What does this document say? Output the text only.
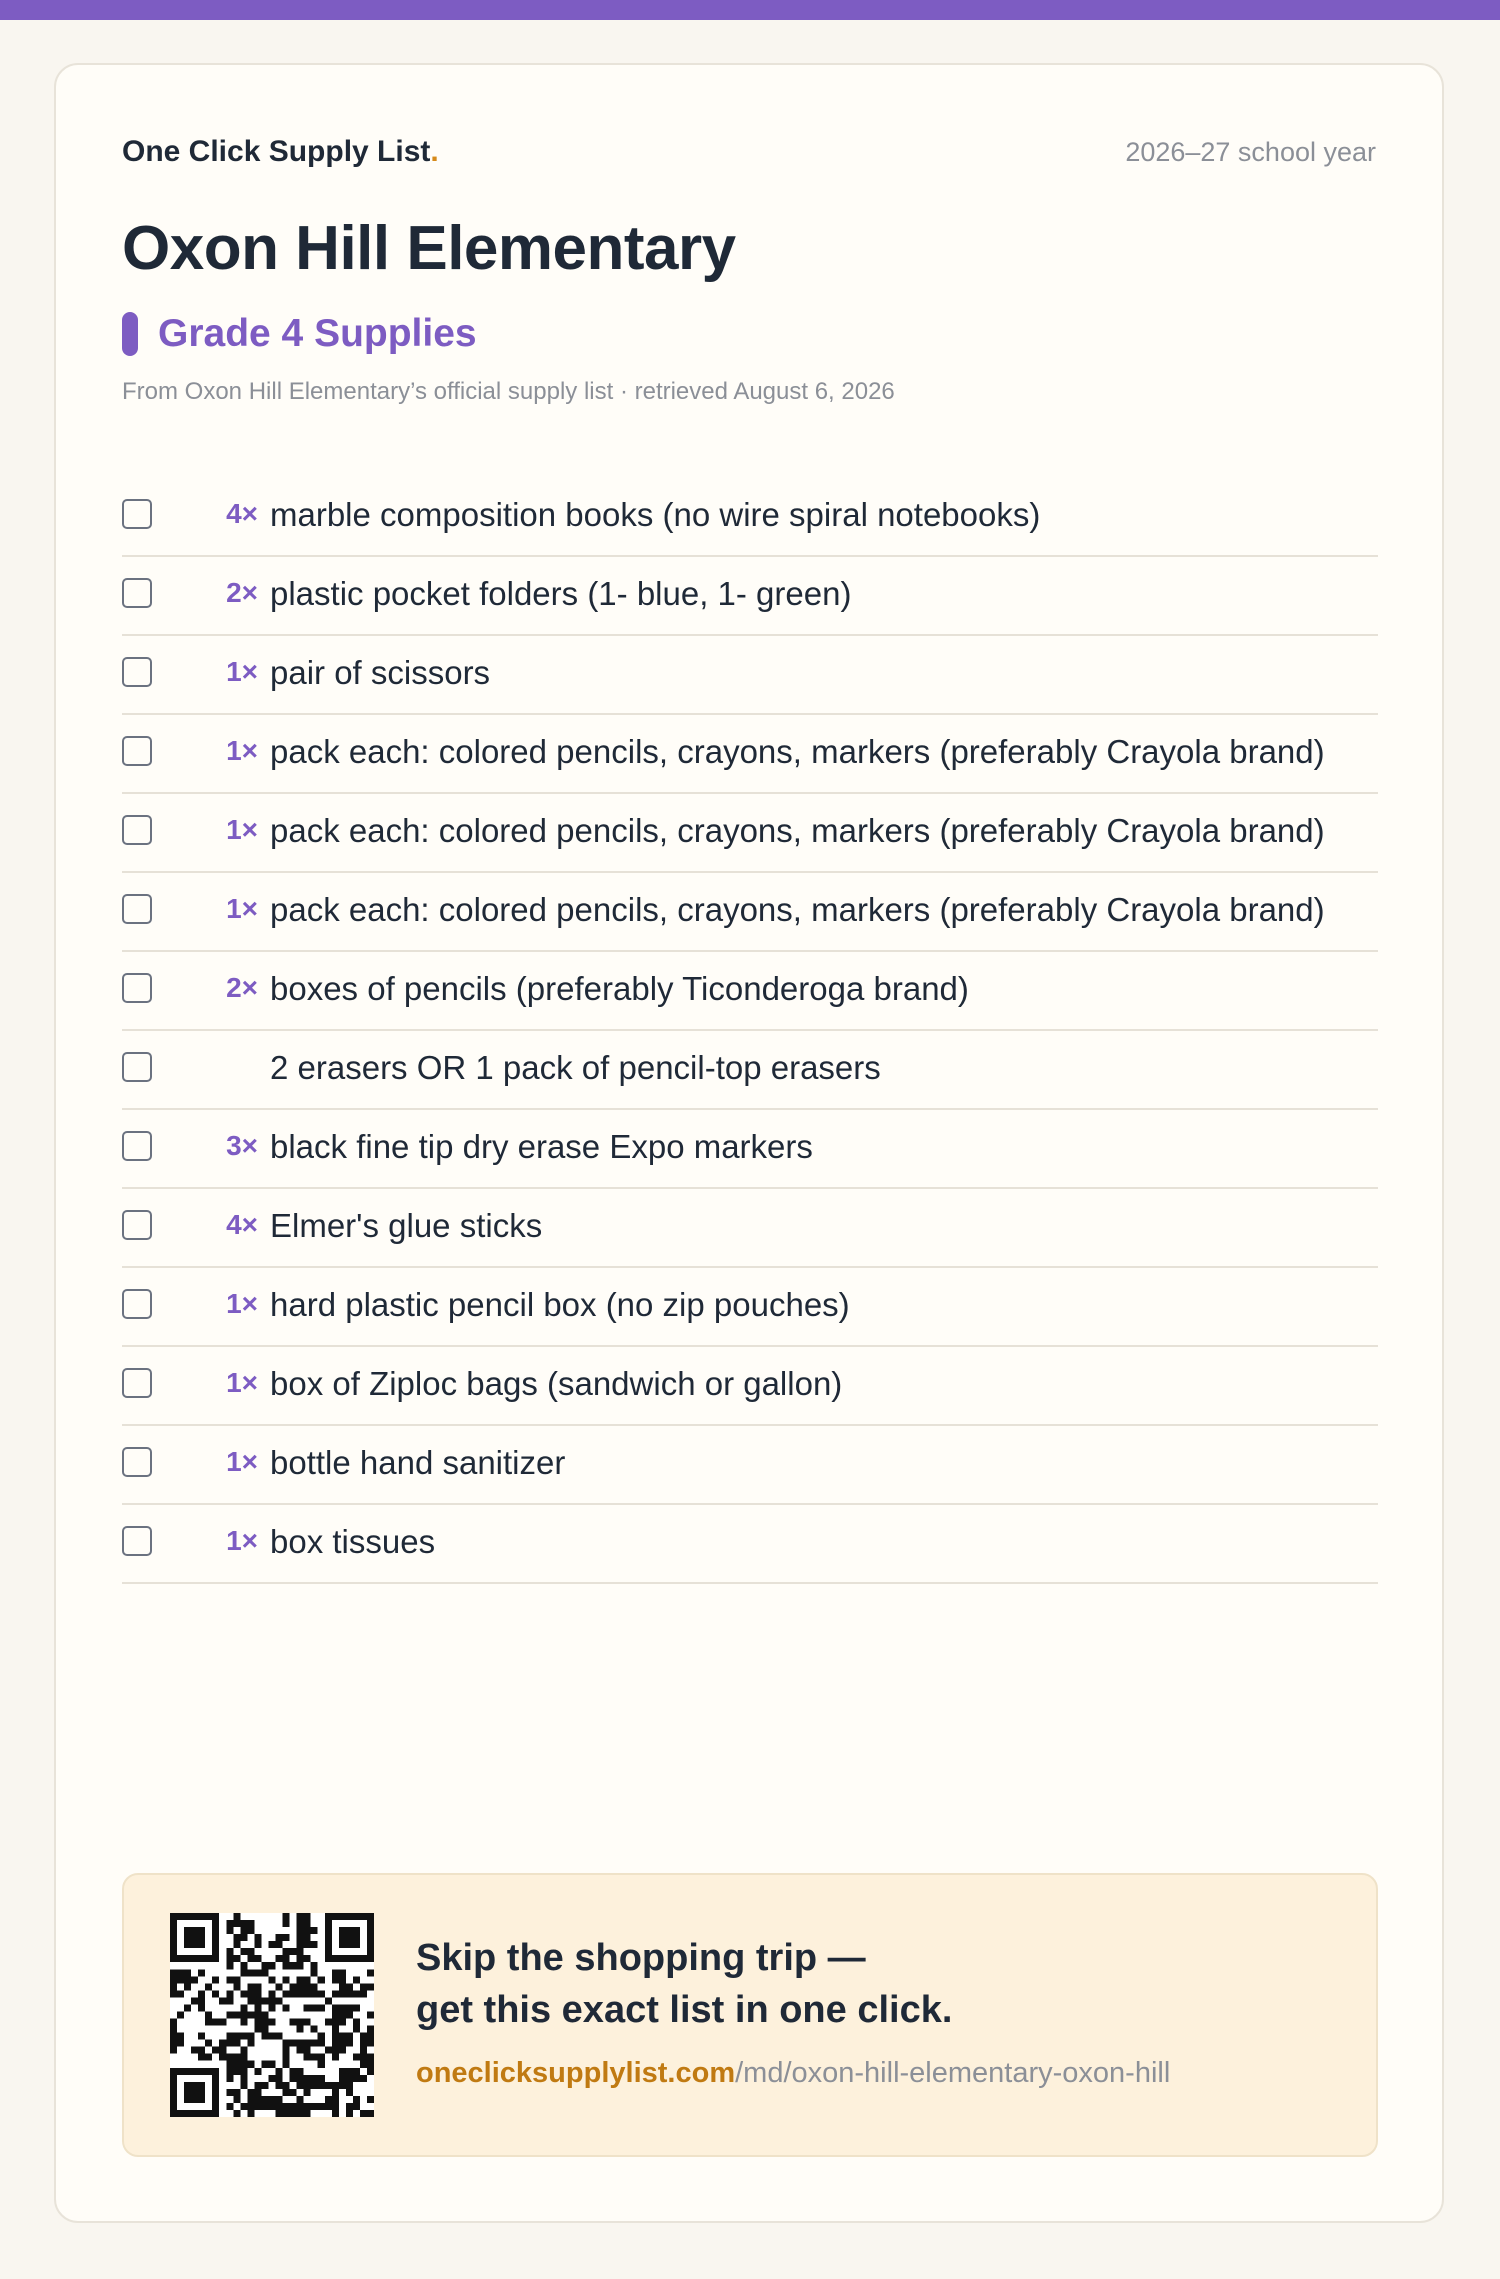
One Click Supply List.	2026–27 school year
Oxon Hill Elementary
Grade 4 Supplies
From Oxon Hill Elementary’s official supply list · retrieved August 6, 2026
4× marble composition books (no wire spiral notebooks)
2× plastic pocket folders (1- blue, 1- green)
1× pair of scissors
1× pack each: colored pencils, crayons, markers (preferably Crayola brand)
1× pack each: colored pencils, crayons, markers (preferably Crayola brand)
1× pack each: colored pencils, crayons, markers (preferably Crayola brand)
2× boxes of pencils (preferably Ticonderoga brand)
2 erasers OR 1 pack of pencil-top erasers
3× black fine tip dry erase Expo markers
4× Elmer's glue sticks
1× hard plastic pencil box (no zip pouches)
1× box of Ziploc bags (sandwich or gallon)
1× bottle hand sanitizer
1× box tissues
Skip the shopping trip —
get this exact list in one click.
oneclicksupplylist.com/md/oxon-hill-elementary-oxon-hill
